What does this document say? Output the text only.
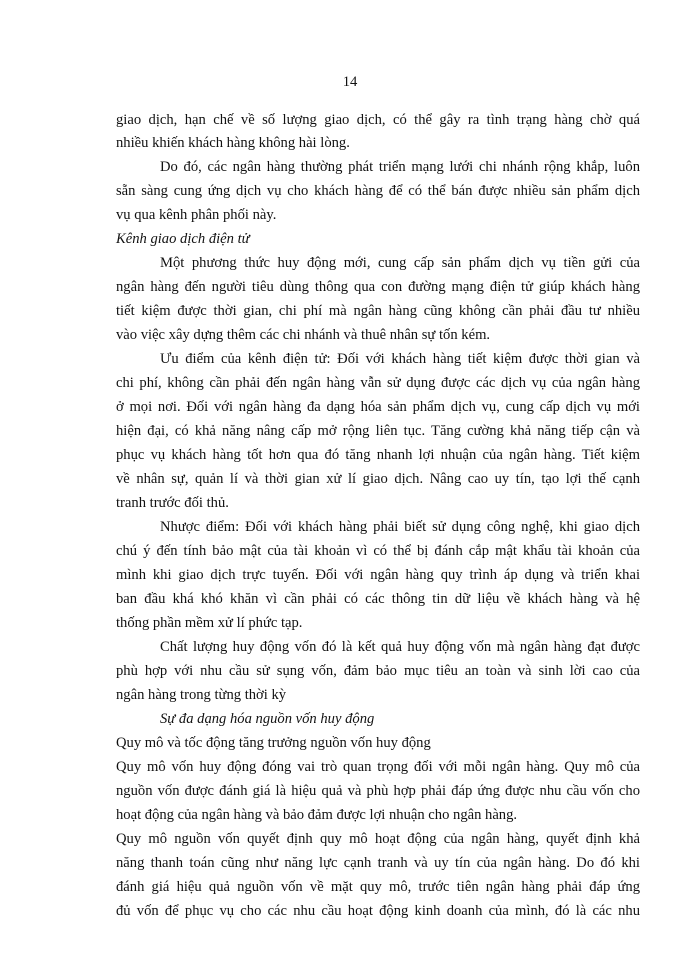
14
giao dịch, hạn chế về số lượng giao dịch, có thể gây ra tình trạng hàng chờ quá
nhiều khiến khách hàng không hài lòng.
Do đó, các ngân hàng thường phát triển mạng lưới chi nhánh rộng khắp, luôn
sẵn sàng cung ứng dịch vụ cho khách hàng để có thể bán được nhiều sản phẩm dịch
vụ qua kênh phân phối này.
Kênh giao dịch điện tử
Một phương thức huy động mới, cung cấp sản phẩm dịch vụ tiền gửi của
ngân hàng đến người tiêu dùng thông qua con đường mạng điện tử giúp khách hàng
tiết kiệm được thời gian, chi phí mà ngân hàng cũng không cần phải đầu tư nhiều
vào việc xây dựng thêm các chi nhánh và thuê nhân sự tốn kém.
Ưu điểm của kênh điện tử: Đối với khách hàng tiết kiệm được thời gian và
chi phí, không cần phải đến ngân hàng vẫn sử dụng được các dịch vụ của ngân hàng
ở mọi nơi. Đối với ngân hàng đa dạng hóa sản phẩm dịch vụ, cung cấp dịch vụ mới
hiện đại, có khả năng nâng cấp mở rộng liên tục. Tăng cường khả năng tiếp cận và
phục vụ khách hàng tốt hơn qua đó tăng nhanh lợi nhuận của ngân hàng. Tiết kiệm
về nhân sự, quản lí và thời gian xử lí giao dịch. Nâng cao uy tín, tạo lợi thế cạnh
tranh trước đối thủ.
Nhược điểm: Đối với khách hàng phải biết sử dụng công nghệ, khi giao dịch
chú ý đến tính bảo mật của tài khoản vì có thể bị đánh cắp mật khẩu tài khoản của
mình khi giao dịch trực tuyến. Đối với ngân hàng quy trình áp dụng và triển khai
ban đầu khá khó khăn vì cần phải có các thông tin dữ liệu về khách hàng và hệ
thống phần mềm xử lí phức tạp.
Chất lượng huy động vốn đó là kết quả huy động vốn mà ngân hàng đạt được
phù hợp với nhu cầu sử sụng vốn, đảm bảo mục tiêu an toàn và sinh lời cao của
ngân hàng trong từng thời kỳ
Sự đa dạng hóa nguồn vốn huy động
Quy mô và tốc động tăng trưởng nguồn vốn huy động
Quy mô vốn huy động đóng vai trò quan trọng đối với mỗi ngân hàng. Quy mô của
nguồn vốn được đánh giá là hiệu quả và phù hợp phải đáp ứng được nhu cầu vốn cho
hoạt động của ngân hàng và bảo đảm được lợi nhuận cho ngân hàng.
Quy mô nguồn vốn quyết định quy mô hoạt động của ngân hàng, quyết định khả
năng thanh toán cũng như năng lực cạnh tranh và uy tín của ngân hàng. Do đó khi
đánh giá hiệu quả nguồn vốn về mặt quy mô, trước tiên ngân hàng phải đáp ứng
đủ vốn để phục vụ cho các nhu cầu hoạt động kinh doanh của mình, đó là các nhu
